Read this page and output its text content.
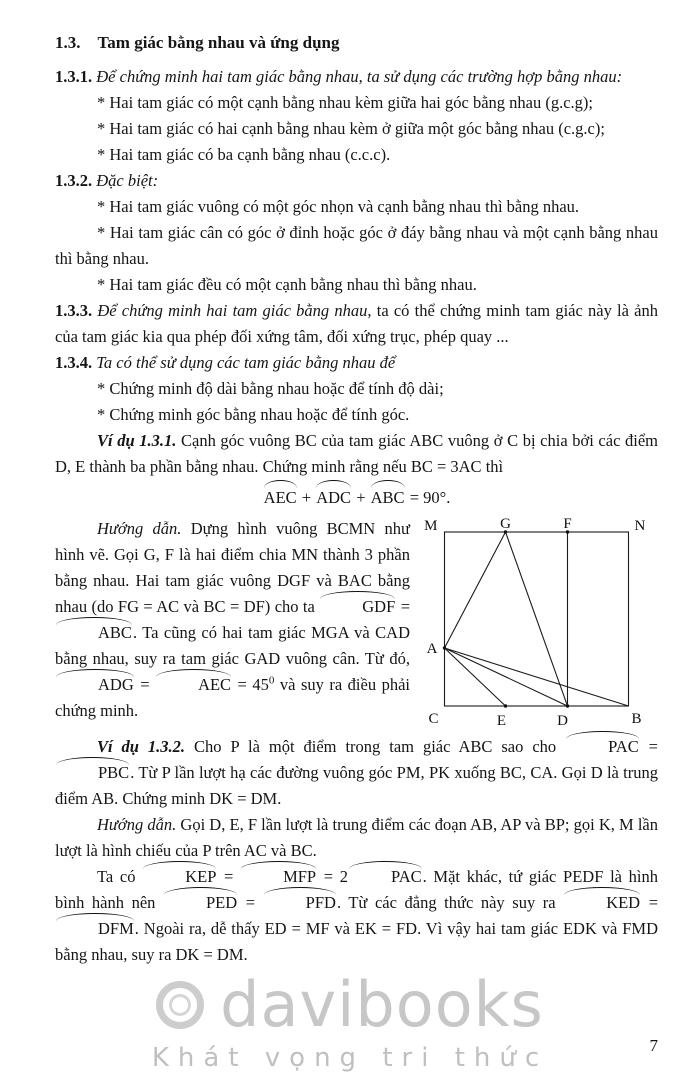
1.3.  Tam giác bằng nhau và ứng dụng

1.3.1. Để chứng minh hai tam giác bằng nhau, ta sử dụng các trường hợp bằng nhau:

* Hai tam giác có một cạnh bằng nhau kèm giữa hai góc bằng nhau (g.c.g);

* Hai tam giác có hai cạnh bằng nhau kèm ở giữa một góc bằng nhau (c.g.c);

* Hai tam giác có ba cạnh bằng nhau (c.c.c).

1.3.2. Đặc biệt:

* Hai tam giác vuông có một góc nhọn và cạnh bằng nhau thì bằng nhau.

* Hai tam giác cân có góc ở đỉnh hoặc góc ở đáy bằng nhau và một cạnh bằng nhau thì bằng nhau.

* Hai tam giác đều có một cạnh bằng nhau thì bằng nhau.

1.3.3. Để chứng minh hai tam giác bằng nhau, ta có thể chứng minh tam giác này là ảnh của tam giác kia qua phép đối xứng tâm, đối xứng trục, phép quay ...

1.3.4. Ta có thể sử dụng các tam giác bằng nhau để

* Chứng minh độ dài bằng nhau hoặc để tính độ dài;

* Chứng minh góc bằng nhau hoặc để tính góc.

Ví dụ 1.3.1. Cạnh góc vuông BC của tam giác ABC vuông ở C bị chia bởi các điểm D, E thành ba phần bằng nhau. Chứng minh rằng nếu BC = 3AC thì

AEC + ADC + ABC = 90°.
M	G	F	N
A
C	E	D	B

Hướng dẫn. Dựng hình vuông BCMN như hình vẽ. Gọi G, F là hai điểm chia MN thành 3 phần bằng nhau. Hai tam giác vuông DGF và BAC bằng nhau (do FG = AC và BC = DF) cho ta	GDF = ABC. Ta cũng có hai tam giác MGA và CAD bằng nhau, suy ra tam giác GAD vuông cân. Từ đó, ADG =	AEC = $45^0$ và suy ra điều phải chứng minh.

Ví dụ 1.3.2. Cho P là một điểm trong tam giác ABC sao cho	PAC = PBC. Từ P lần lượt hạ các đường vuông góc PM, PK xuống BC, CA. Gọi D là trung điểm AB. Chứng minh DK = DM.

Hướng dẫn. Gọi D, E, F lần lượt là trung điểm các đoạn AB, AP và BP; gọi K, M lần lượt là hình chiếu của P trên AC và BC.

Ta có	KEP =	MFP = 2	PAC. Mặt khác, tứ giác PEDF là hình bình hành nên	PED =	PFD. Từ các đẳng thức này suy ra	KED = DFM. Ngoài ra, dễ thấy ED = MF và EK = FD. Vì vậy hai tam giác EDK và FMD bằng nhau, suy ra DK = DM.

davibooks
Khát vọng tri thức	7
